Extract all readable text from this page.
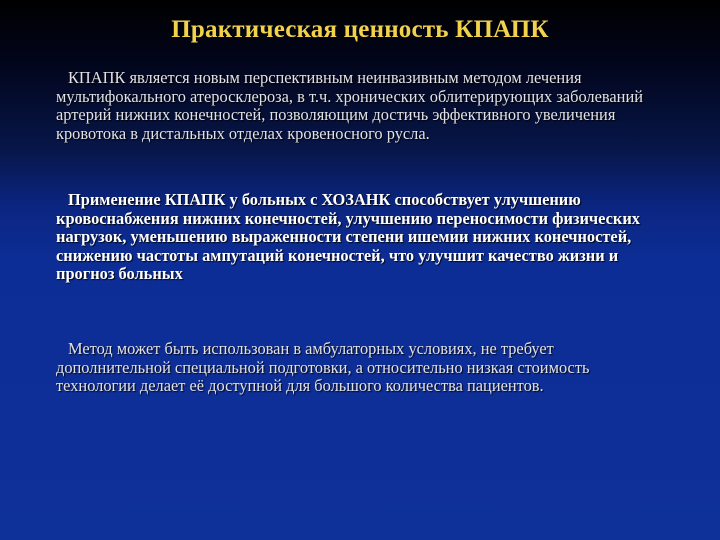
Практическая ценность КПАПК

КПАПК является новым перспективным неинвазивным методом лечения мультифокального атеросклероза, в т.ч. хронических облитерирующих заболеваний артерий нижних конечностей, позволяющим достичь эффективного увеличения кровотока в дистальных отделах кровеносного русла.

Применение КПАПК у больных с ХОЗАНК способствует улучшению кровоснабжения нижних конечностей, улучшению переносимости физических нагрузок, уменьшению выраженности степени ишемии нижних конечностей, снижению частоты ампутаций конечностей, что улучшит качество жизни и прогноз больных

Метод может быть использован в амбулаторных условиях, не требует дополнительной специальной подготовки, а относительно низкая стоимость технологии делает её доступной для большого количества пациентов.
